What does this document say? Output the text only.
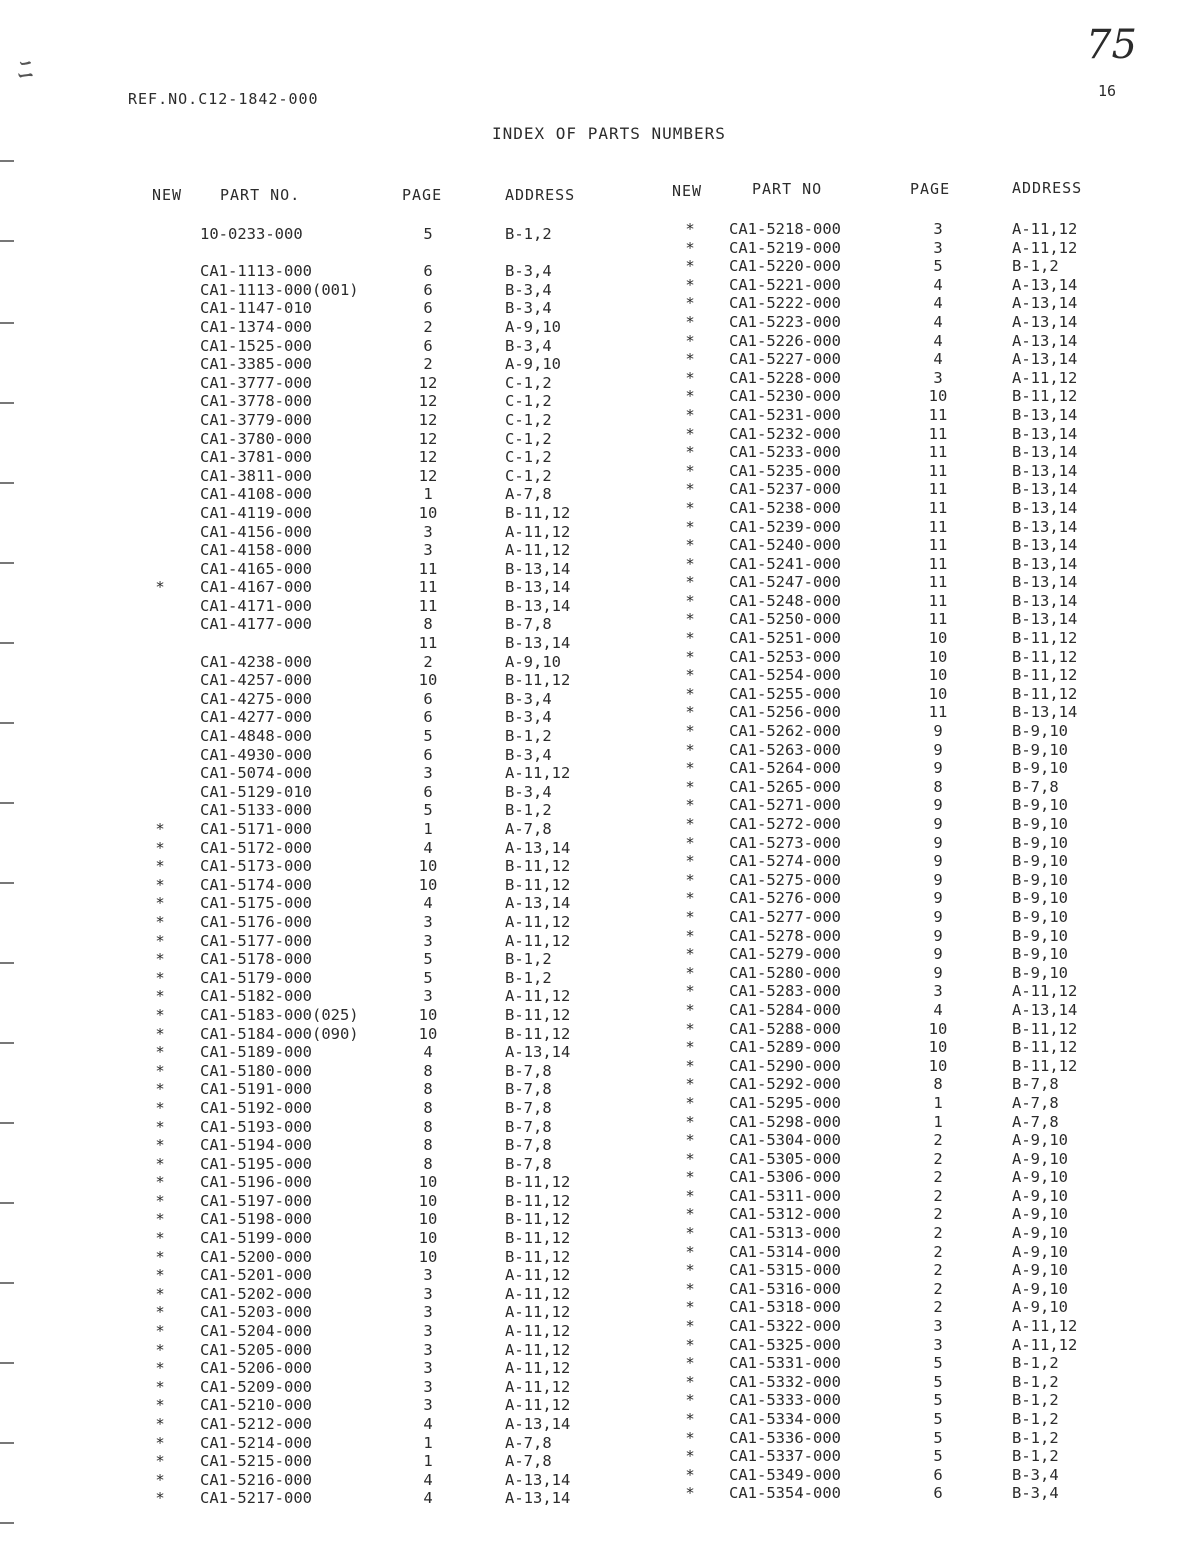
ﾆ
REF.NO.C12-1842-000
75
16
INDEX OF PARTS NUMBERS
NEW	PART NO.	PAGE	ADDRESS	NEW	PART NO	PAGE	ADDRESS
10-0233-000	5	B-1,2
CA1-1113-000	6	B-3,4
CA1-1113-000(001)	6	B-3,4
CA1-1147-010	6	B-3,4
CA1-1374-000	2	A-9,10
CA1-1525-000	6	B-3,4
CA1-3385-000	2	A-9,10
CA1-3777-000	12	C-1,2
CA1-3778-000	12	C-1,2
CA1-3779-000	12	C-1,2
CA1-3780-000	12	C-1,2
CA1-3781-000	12	C-1,2
CA1-3811-000	12	C-1,2
CA1-4108-000	1	A-7,8
CA1-4119-000	10	B-11,12
CA1-4156-000	3	A-11,12
CA1-4158-000	3	A-11,12
CA1-4165-000	11	B-13,14
*	CA1-4167-000	11	B-13,14
CA1-4171-000	11	B-13,14
CA1-4177-000	8	B-7,8
11	B-13,14
CA1-4238-000	2	A-9,10
CA1-4257-000	10	B-11,12
CA1-4275-000	6	B-3,4
CA1-4277-000	6	B-3,4
CA1-4848-000	5	B-1,2
CA1-4930-000	6	B-3,4
CA1-5074-000	3	A-11,12
CA1-5129-010	6	B-3,4
CA1-5133-000	5	B-1,2
*	CA1-5171-000	1	A-7,8
*	CA1-5172-000	4	A-13,14
*	CA1-5173-000	10	B-11,12
*	CA1-5174-000	10	B-11,12
*	CA1-5175-000	4	A-13,14
*	CA1-5176-000	3	A-11,12
*	CA1-5177-000	3	A-11,12
*	CA1-5178-000	5	B-1,2
*	CA1-5179-000	5	B-1,2
*	CA1-5182-000	3	A-11,12
*	CA1-5183-000(025)	10	B-11,12
*	CA1-5184-000(090)	10	B-11,12
*	CA1-5189-000	4	A-13,14
*	CA1-5180-000	8	B-7,8
*	CA1-5191-000	8	B-7,8
*	CA1-5192-000	8	B-7,8
*	CA1-5193-000	8	B-7,8
*	CA1-5194-000	8	B-7,8
*	CA1-5195-000	8	B-7,8
*	CA1-5196-000	10	B-11,12
*	CA1-5197-000	10	B-11,12
*	CA1-5198-000	10	B-11,12
*	CA1-5199-000	10	B-11,12
*	CA1-5200-000	10	B-11,12
*	CA1-5201-000	3	A-11,12
*	CA1-5202-000	3	A-11,12
*	CA1-5203-000	3	A-11,12
*	CA1-5204-000	3	A-11,12
*	CA1-5205-000	3	A-11,12
*	CA1-5206-000	3	A-11,12
*	CA1-5209-000	3	A-11,12
*	CA1-5210-000	3	A-11,12
*	CA1-5212-000	4	A-13,14
*	CA1-5214-000	1	A-7,8
*	CA1-5215-000	1	A-7,8
*	CA1-5216-000	4	A-13,14
*	CA1-5217-000	4	A-13,14
*	CA1-5218-000	3	A-11,12
*	CA1-5219-000	3	A-11,12
*	CA1-5220-000	5	B-1,2
*	CA1-5221-000	4	A-13,14
*	CA1-5222-000	4	A-13,14
*	CA1-5223-000	4	A-13,14
*	CA1-5226-000	4	A-13,14
*	CA1-5227-000	4	A-13,14
*	CA1-5228-000	3	A-11,12
*	CA1-5230-000	10	B-11,12
*	CA1-5231-000	11	B-13,14
*	CA1-5232-000	11	B-13,14
*	CA1-5233-000	11	B-13,14
*	CA1-5235-000	11	B-13,14
*	CA1-5237-000	11	B-13,14
*	CA1-5238-000	11	B-13,14
*	CA1-5239-000	11	B-13,14
*	CA1-5240-000	11	B-13,14
*	CA1-5241-000	11	B-13,14
*	CA1-5247-000	11	B-13,14
*	CA1-5248-000	11	B-13,14
*	CA1-5250-000	11	B-13,14
*	CA1-5251-000	10	B-11,12
*	CA1-5253-000	10	B-11,12
*	CA1-5254-000	10	B-11,12
*	CA1-5255-000	10	B-11,12
*	CA1-5256-000	11	B-13,14
*	CA1-5262-000	9	B-9,10
*	CA1-5263-000	9	B-9,10
*	CA1-5264-000	9	B-9,10
*	CA1-5265-000	8	B-7,8
*	CA1-5271-000	9	B-9,10
*	CA1-5272-000	9	B-9,10
*	CA1-5273-000	9	B-9,10
*	CA1-5274-000	9	B-9,10
*	CA1-5275-000	9	B-9,10
*	CA1-5276-000	9	B-9,10
*	CA1-5277-000	9	B-9,10
*	CA1-5278-000	9	B-9,10
*	CA1-5279-000	9	B-9,10
*	CA1-5280-000	9	B-9,10
*	CA1-5283-000	3	A-11,12
*	CA1-5284-000	4	A-13,14
*	CA1-5288-000	10	B-11,12
*	CA1-5289-000	10	B-11,12
*	CA1-5290-000	10	B-11,12
*	CA1-5292-000	8	B-7,8
*	CA1-5295-000	1	A-7,8
*	CA1-5298-000	1	A-7,8
*	CA1-5304-000	2	A-9,10
*	CA1-5305-000	2	A-9,10
*	CA1-5306-000	2	A-9,10
*	CA1-5311-000	2	A-9,10
*	CA1-5312-000	2	A-9,10
*	CA1-5313-000	2	A-9,10
*	CA1-5314-000	2	A-9,10
*	CA1-5315-000	2	A-9,10
*	CA1-5316-000	2	A-9,10
*	CA1-5318-000	2	A-9,10
*	CA1-5322-000	3	A-11,12
*	CA1-5325-000	3	A-11,12
*	CA1-5331-000	5	B-1,2
*	CA1-5332-000	5	B-1,2
*	CA1-5333-000	5	B-1,2
*	CA1-5334-000	5	B-1,2
*	CA1-5336-000	5	B-1,2
*	CA1-5337-000	5	B-1,2
*	CA1-5349-000	6	B-3,4
*	CA1-5354-000	6	B-3,4
